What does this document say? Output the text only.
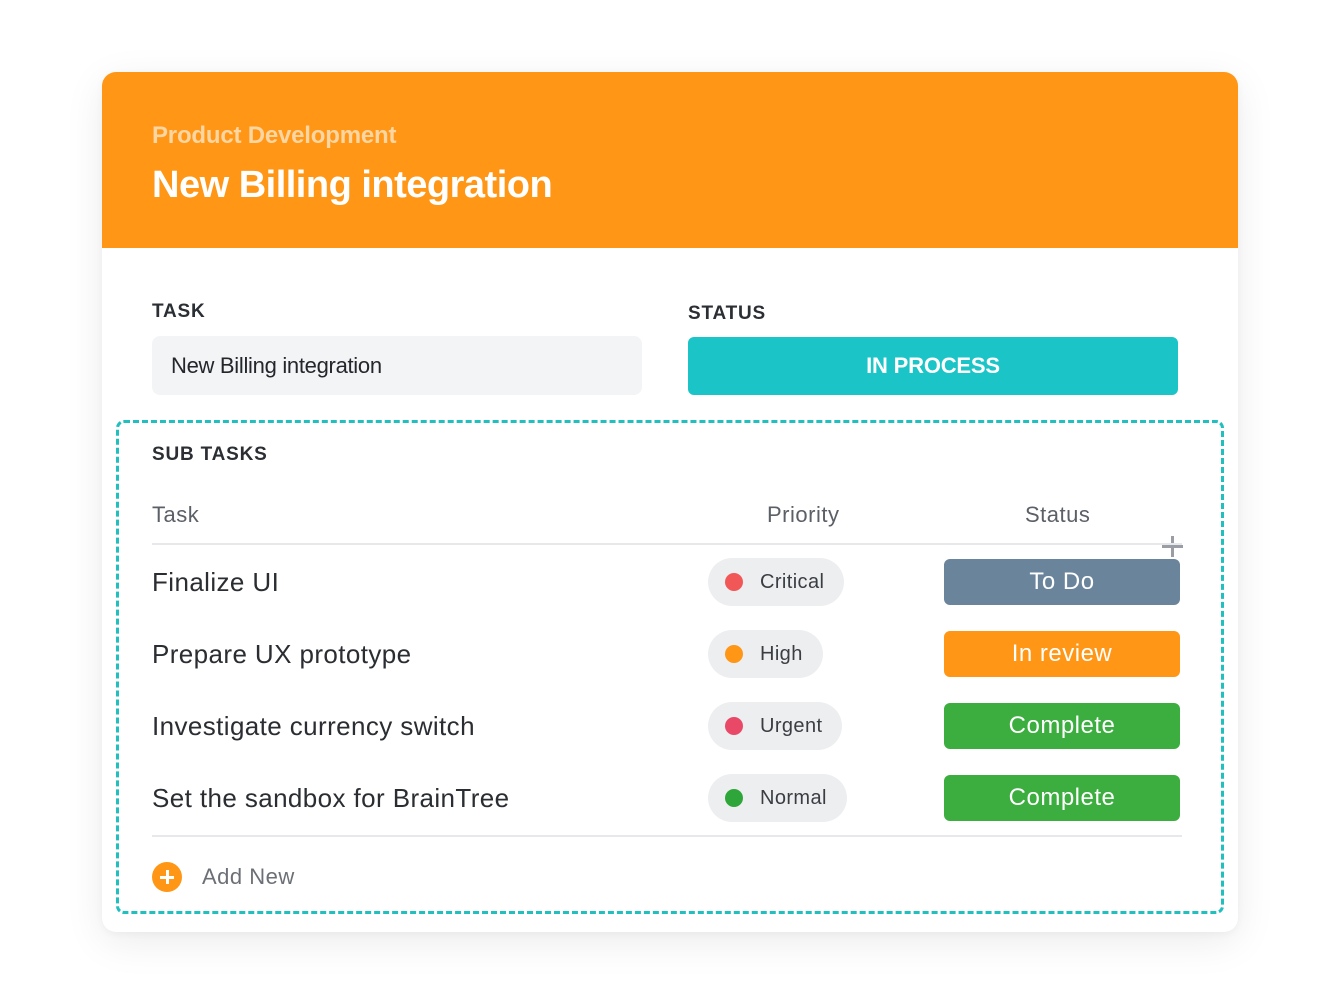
Product Development
New Billing integration
TASK
New Billing integration
STATUS
IN PROCESS
SUB TASKS
Task	Priority	Status
Finalize UI	Critical	To Do
Prepare UX prototype	High	In review
Investigate currency switch	Urgent	Complete
Set the sandbox for BrainTree	Normal	Complete
Add New
